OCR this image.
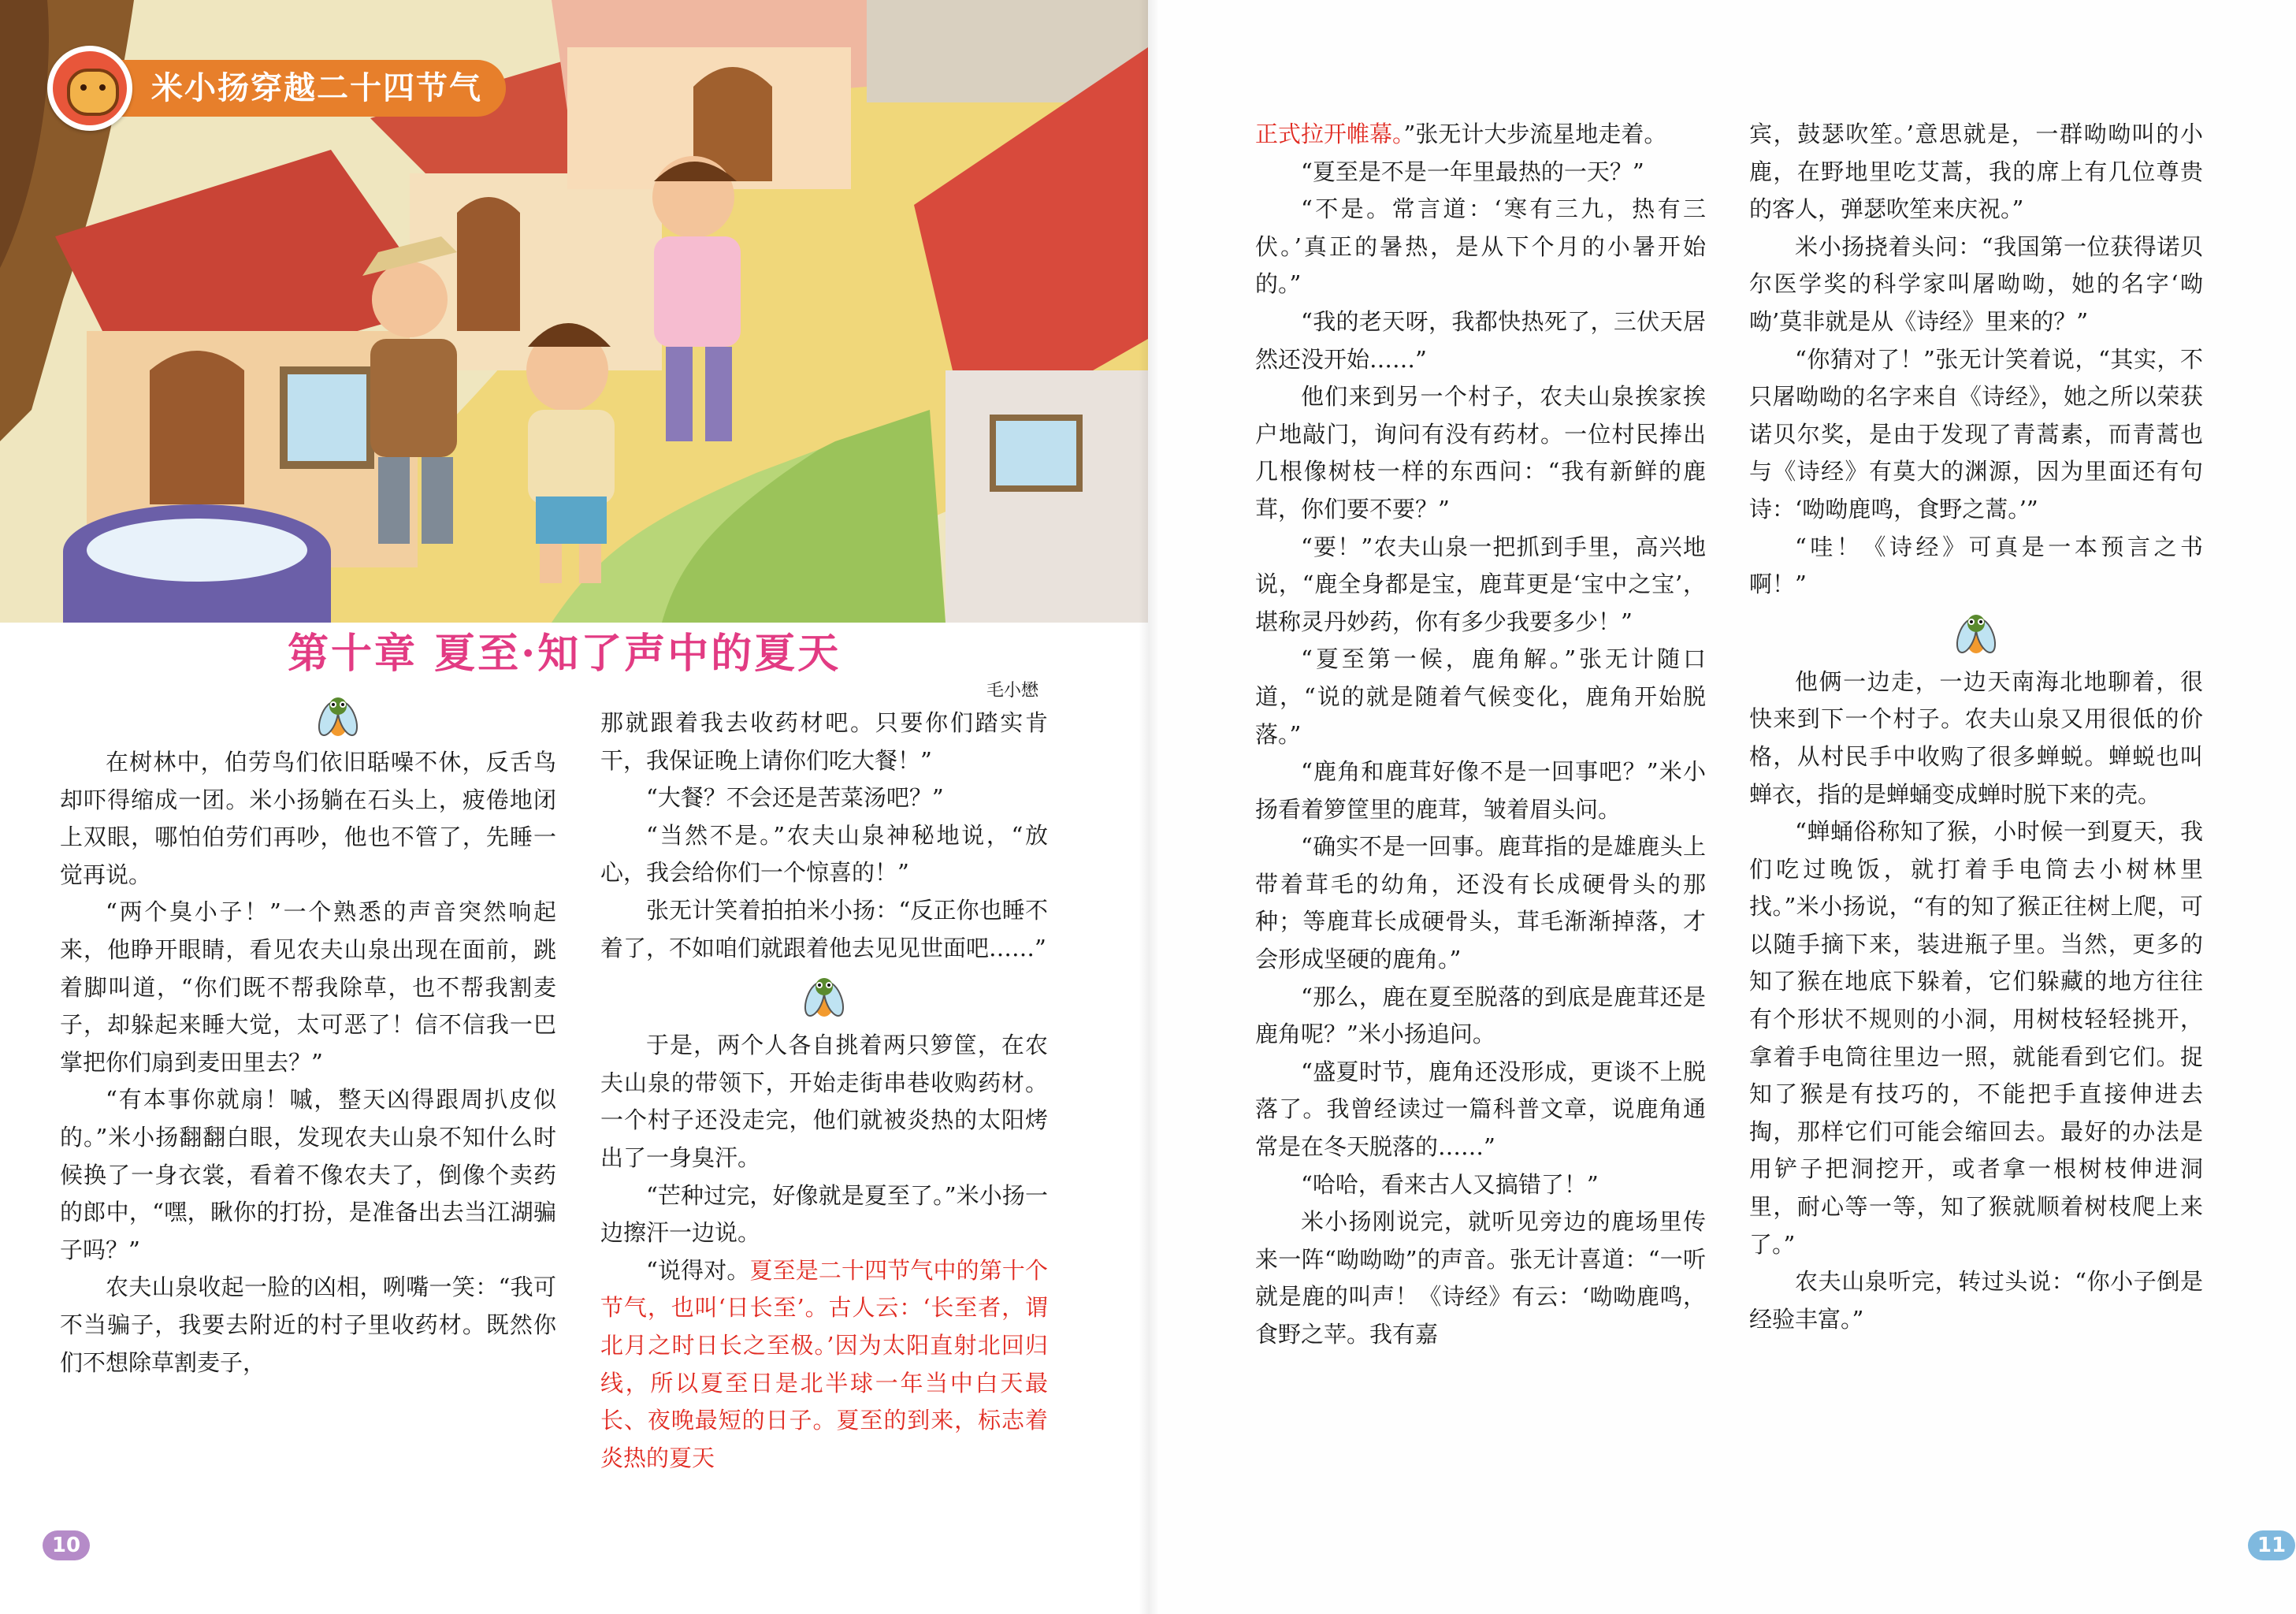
米小扬穿越二十四节气
第十章 夏至·知了声中的夏天
毛小懋

在树林中，伯劳鸟们依旧聒噪不休，反舌鸟却吓得缩成一团。米小扬躺在石头上，疲倦地闭上双眼，哪怕伯劳们再吵，他也不管了，先睡一觉再说。

“两个臭小子！”一个熟悉的声音突然响起来，他睁开眼睛，看见农夫山泉出现在面前，跳着脚叫道，“你们既不帮我除草，也不帮我割麦子，却躲起来睡大觉，太可恶了！信不信我一巴掌把你们扇到麦田里去？”

“有本事你就扇！嘁，整天凶得跟周扒皮似的。”米小扬翻翻白眼，发现农夫山泉不知什么时候换了一身衣裳，看着不像农夫了，倒像个卖药的郎中，“嘿，瞅你的打扮，是准备出去当江湖骗子吗？”

农夫山泉收起一脸的凶相，咧嘴一笑：“我可不当骗子，我要去附近的村子里收药材。既然你们不想除草割麦子，

那就跟着我去收药材吧。只要你们踏实肯干，我保证晚上请你们吃大餐！”

“大餐？不会还是苦菜汤吧？”

“当然不是。”农夫山泉神秘地说，“放心，我会给你们一个惊喜的！”

张无计笑着拍拍米小扬：“反正你也睡不着了，不如咱们就跟着他去见见世面吧……”

于是，两个人各自挑着两只箩筐，在农夫山泉的带领下，开始走街串巷收购药材。一个村子还没走完，他们就被炎热的太阳烤出了一身臭汗。

“芒种过完，好像就是夏至了。”米小扬一边擦汗一边说。

“说得对。夏至是二十四节气中的第十个节气，也叫‘日长至’。古人云：‘长至者，谓北月之时日长之至极。’因为太阳直射北回归线，所以夏至日是北半球一年当中白天最长、夜晚最短的日子。夏至的到来，标志着炎热的夏天

10

正式拉开帷幕。”张无计大步流星地走着。

“夏至是不是一年里最热的一天？”

“不是。常言道：‘寒有三九，热有三伏。’真正的暑热，是从下个月的小暑开始的。”

“我的老天呀，我都快热死了，三伏天居然还没开始……”

他们来到另一个村子，农夫山泉挨家挨户地敲门，询问有没有药材。一位村民捧出几根像树枝一样的东西问：“我有新鲜的鹿茸，你们要不要？”

“要！”农夫山泉一把抓到手里，高兴地说，“鹿全身都是宝，鹿茸更是‘宝中之宝’，堪称灵丹妙药，你有多少我要多少！”

“夏至第一候，鹿角解。”张无计随口道，“说的就是随着气候变化，鹿角开始脱落。”

“鹿角和鹿茸好像不是一回事吧？”米小扬看着箩筐里的鹿茸，皱着眉头问。

“确实不是一回事。鹿茸指的是雄鹿头上带着茸毛的幼角，还没有长成硬骨头的那种；等鹿茸长成硬骨头，茸毛渐渐掉落，才会形成坚硬的鹿角。”

“那么，鹿在夏至脱落的到底是鹿茸还是鹿角呢？”米小扬追问。

“盛夏时节，鹿角还没形成，更谈不上脱落了。我曾经读过一篇科普文章，说鹿角通常是在冬天脱落的……”

“哈哈，看来古人又搞错了！”

米小扬刚说完，就听见旁边的鹿场里传来一阵“呦呦呦”的声音。张无计喜道：“一听就是鹿的叫声！《诗经》有云：‘呦呦鹿鸣，食野之苹。我有嘉

宾，鼓瑟吹笙。’意思就是，一群呦呦叫的小鹿，在野地里吃艾蒿，我的席上有几位尊贵的客人，弹瑟吹笙来庆祝。”

米小扬挠着头问：“我国第一位获得诺贝尔医学奖的科学家叫屠呦呦，她的名字‘呦呦’莫非就是从《诗经》里来的？”

“你猜对了！”张无计笑着说，“其实，不只屠呦呦的名字来自《诗经》，她之所以荣获诺贝尔奖，是由于发现了青蒿素，而青蒿也与《诗经》有莫大的渊源，因为里面还有句诗：‘呦呦鹿鸣，食野之蒿。’”

“哇！《诗经》可真是一本预言之书啊！”

他俩一边走，一边天南海北地聊着，很快来到下一个村子。农夫山泉又用很低的价格，从村民手中收购了很多蝉蜕。蝉蜕也叫蝉衣，指的是蝉蛹变成蝉时脱下来的壳。

“蝉蛹俗称知了猴，小时候一到夏天，我们吃过晚饭，就打着手电筒去小树林里找。”米小扬说，“有的知了猴正往树上爬，可以随手摘下来，装进瓶子里。当然，更多的知了猴在地底下躲着，它们躲藏的地方往往有个形状不规则的小洞，用树枝轻轻挑开，拿着手电筒往里边一照，就能看到它们。捉知了猴是有技巧的，不能把手直接伸进去掏，那样它们可能会缩回去。最好的办法是用铲子把洞挖开，或者拿一根树枝伸进洞里，耐心等一等，知了猴就顺着树枝爬上来了。”

农夫山泉听完，转过头说：“你小子倒是经验丰富。”

11
